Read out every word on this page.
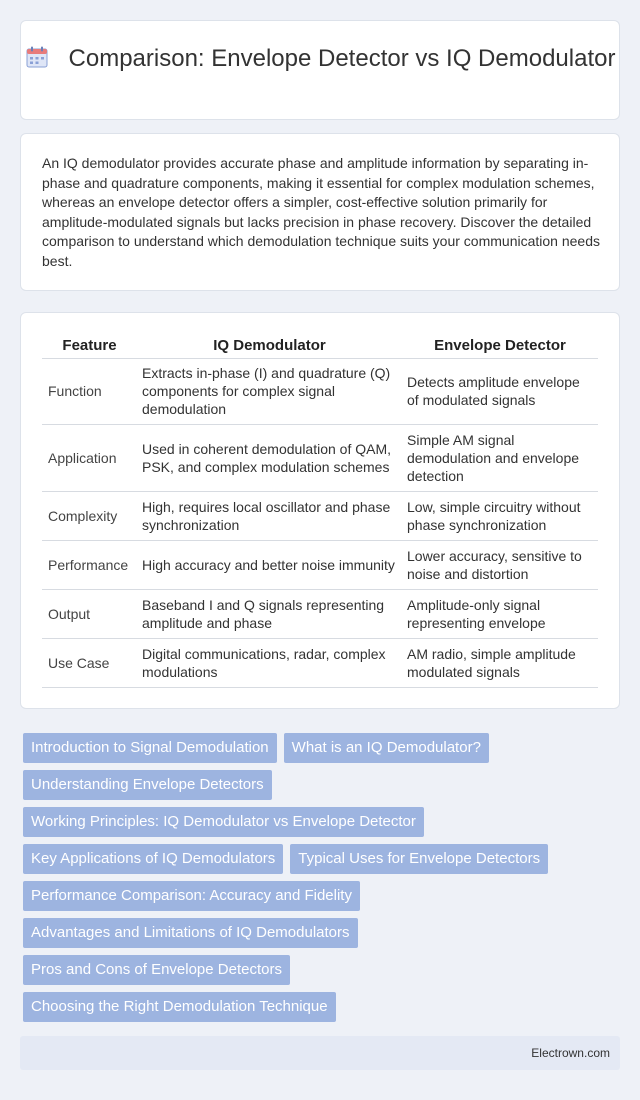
Comparison: Envelope Detector vs IQ Demodulator

An IQ demodulator provides accurate phase and amplitude information by separating in-phase and quadrature components, making it essential for complex modulation schemes, whereas an envelope detector offers a simpler, cost-effective solution primarily for amplitude-modulated signals but lacks precision in phase recovery. Discover the detailed comparison to understand which demodulation technique suits your communication needs best.

Feature	IQ Demodulator	Envelope Detector
Function	Extracts in-phase (I) and quadrature (Q) components for complex signal demodulation	Detects amplitude envelope of modulated signals
Application	Used in coherent demodulation of QAM, PSK, and complex modulation schemes	Simple AM signal demodulation and envelope detection
Complexity	High, requires local oscillator and phase synchronization	Low, simple circuitry without phase synchronization
Performance	High accuracy and better noise immunity	Lower accuracy, sensitive to noise and distortion
Output	Baseband I and Q signals representing amplitude and phase	Amplitude-only signal representing envelope
Use Case	Digital communications, radar, complex modulations	AM radio, simple amplitude modulated signals
Introduction to Signal Demodulation	What is an IQ Demodulator?
Understanding Envelope Detectors
Working Principles: IQ Demodulator vs Envelope Detector
Key Applications of IQ Demodulators	Typical Uses for Envelope Detectors
Performance Comparison: Accuracy and Fidelity
Advantages and Limitations of IQ Demodulators
Pros and Cons of Envelope Detectors
Choosing the Right Demodulation Technique
Electrown.com
